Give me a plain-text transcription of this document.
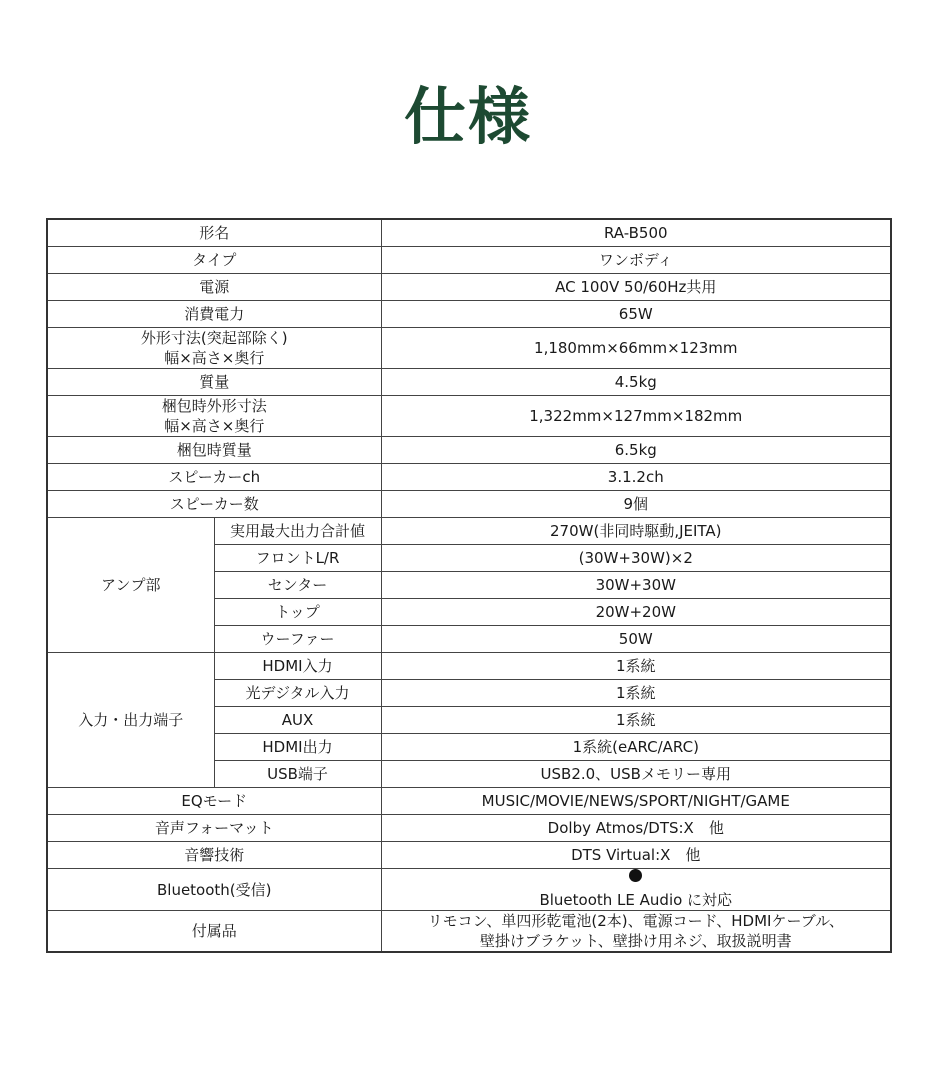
仕様
形名		RA-B500
タイプ		ワンボディ
電源		AC 100V 50/60Hz共用
消費電力		65W

外形寸法(突起部除く)
幅×高さ×奥行		1,180mm×66mm×123mm
質量		4.5kg

梱包時外形寸法
幅×高さ×奥行		1,322mm×127mm×182mm
梱包時質量		6.5kg
スピーカーch		3.1.2ch
スピーカー数		9個
アンプ部	実用最大出力合計値	270W(非同時駆動,JEITA)
	フロントL/R	(30W+30W)×2
	センター	30W+30W
	トップ	20W+20W
	ウーファー	50W
入力・出力端子	HDMI入力	1系統
	光デジタル入力	1系統
	AUX	1系統
	HDMI出力	1系統(eARC/ARC)
	USB端子	USB2.0、USBメモリー専用
EQモード		MUSIC/MOVIE/NEWS/SPORT/NIGHT/GAME
音声フォーマット		Dolby Atmos/DTS:X　他
音響技術		DTS Virtual:X　他
Bluetooth(受信)		Bluetooth LE Audio に対応

付属品		リモコン、単四形乾電池(2本)、電源コード、HDMIケーブル、
壁掛けブラケット、壁掛け用ネジ、取扱説明書
